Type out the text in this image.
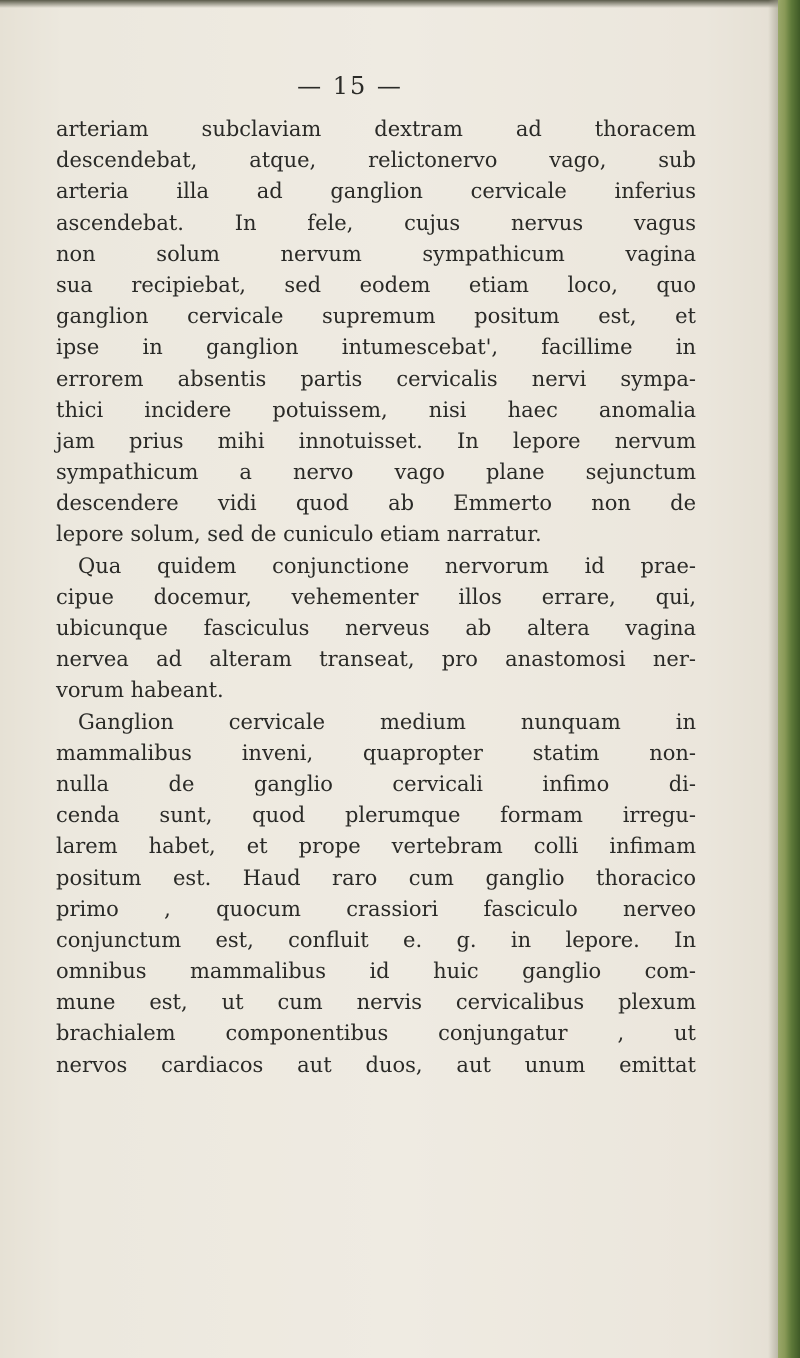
— 15 —
arteriam subclaviam dextram ad thoracem
descendebat, atque, relictonervo vago, sub
arteria illa ad ganglion cervicale inferius
ascendebat. In fele, cujus nervus vagus
non solum nervum sympathicum vagina
sua recipiebat, sed eodem etiam loco, quo
ganglion cervicale supremum positum est, et
ipse in ganglion intumescebat', facillime in
errorem absentis partis cervicalis nervi sympa-
thici incidere potuissem, nisi haec anomalia
jam prius mihi innotuisset. In lepore nervum
sympathicum a nervo vago plane sejunctum
descendere vidi quod ab Emmerto non de
lepore solum, sed de cuniculo etiam narratur.
Qua quidem conjunctione nervorum id prae-
cipue docemur, vehementer illos errare, qui,
ubicunque fasciculus nerveus ab altera vagina
nervea ad alteram transeat, pro anastomosi ner-
vorum habeant.
Ganglion cervicale medium nunquam in
mammalibus inveni, quapropter statim non-
nulla de ganglio cervicali infimo di-
cenda sunt, quod plerumque formam irregu-
larem habet, et prope vertebram colli infimam
positum est. Haud raro cum ganglio thoracico
primo , quocum crassiori fasciculo nerveo
conjunctum est, confluit e. g. in lepore. In
omnibus mammalibus id huic ganglio com-
mune est, ut cum nervis cervicalibus plexum
brachialem componentibus conjungatur , ut
nervos cardiacos aut duos, aut unum emittat
